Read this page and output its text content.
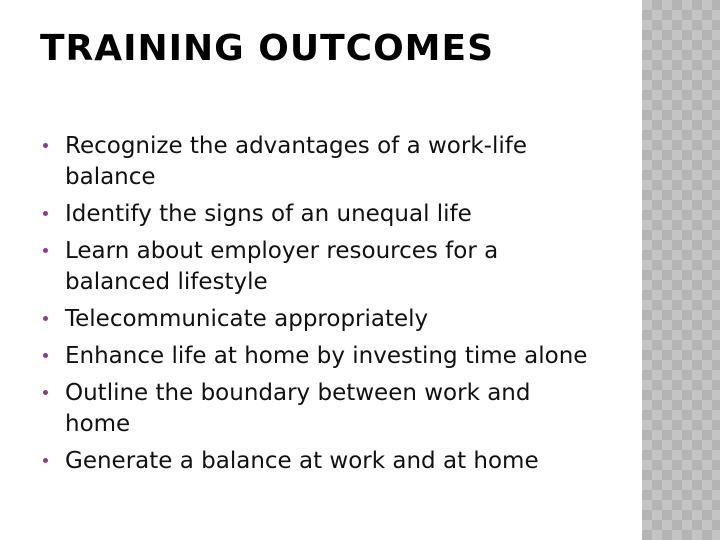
TRAINING OUTCOMES
Recognize the advantages of a work-life balance
Identify the signs of an unequal life
Learn about employer resources for a balanced lifestyle
Telecommunicate appropriately
Enhance life at home by investing time alone
Outline the boundary between work and home
Generate a balance at work and at home
